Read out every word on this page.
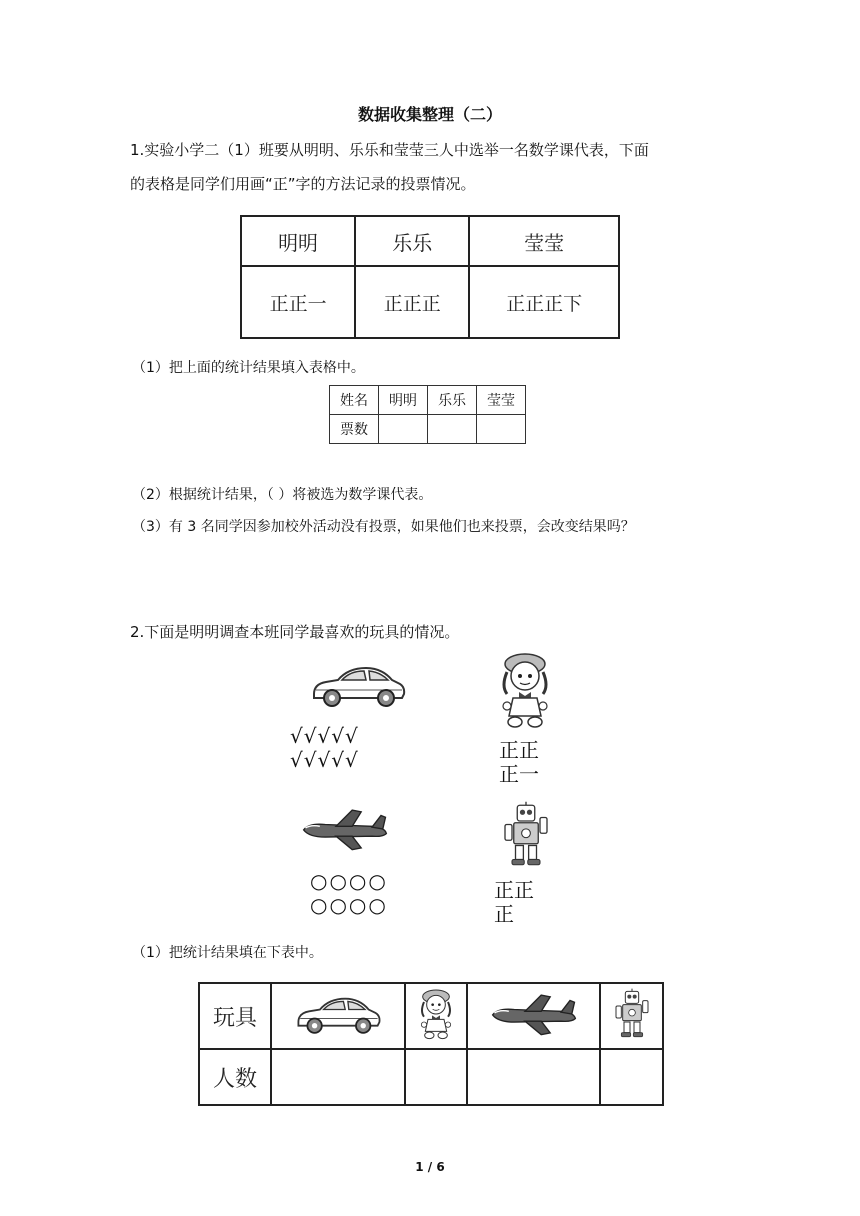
数据收集整理（二）
1.实验小学二（1）班要从明明、乐乐和莹莹三人中选举一名数学课代表，下面
的表格是同学们用画“正”字的方法记录的投票情况。
明明	乐乐	莹莹
正正一	正正正	正正正下
（1）把上面的统计结果填入表格中。
姓名	明明	乐乐	莹莹
票数			
（2）根据统计结果，（ ）将被选为数学课代表。
（3）有 3 名同学因参加校外活动没有投票，如果他们也来投票，会改变结果吗？
2.下面是明明调查本班同学最喜欢的玩具的情况。
√√√√√
√√√√√	正正
正一
○○○○
○○○○
正正
正
（1）把统计结果填在下表中。
玩具				
人数				
1 / 6
